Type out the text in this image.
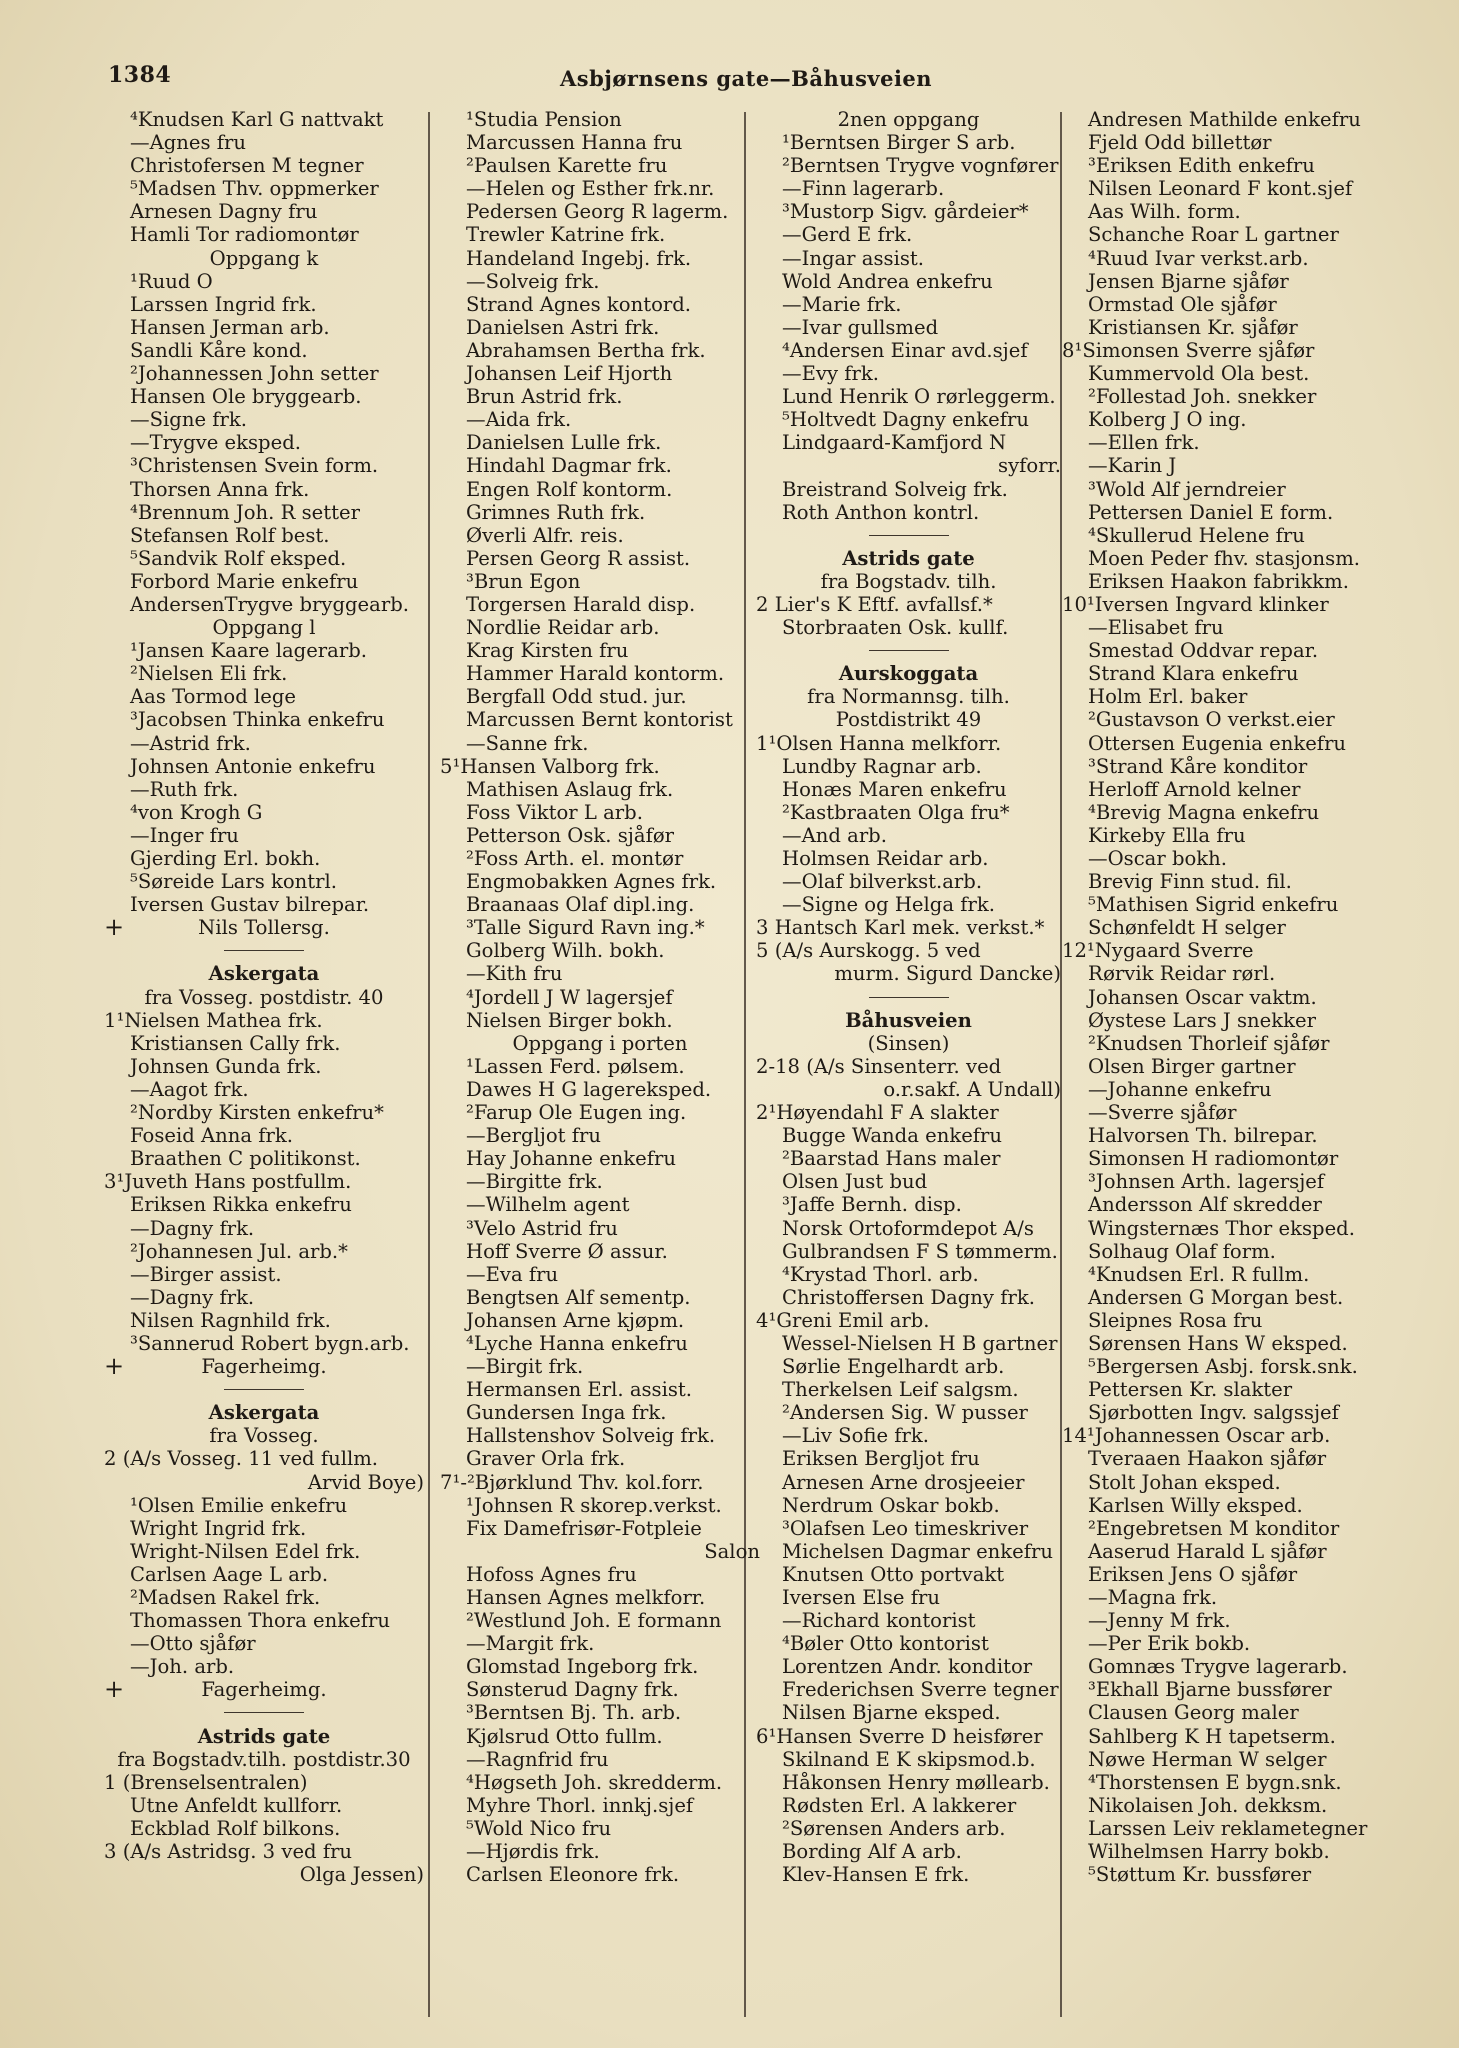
1384	Asbjørnsens gate—Båhusveien
⁴Knudsen Karl G nattvakt
—Agnes fru
Christofersen M tegner
⁵Madsen Thv. oppmerker
Arnesen Dagny fru
Hamli Tor radiomontør
Oppgang k
¹Ruud O
Larssen Ingrid frk.
Hansen Jerman arb.
Sandli Kåre kond.
²Johannessen John setter
Hansen Ole bryggearb.
—Signe frk.
—Trygve eksped.
³Christensen Svein form.
Thorsen Anna frk.
⁴Brennum Joh. R setter
Stefansen Rolf best.
⁵Sandvik Rolf eksped.
Forbord Marie enkefru
AndersenTrygve bryggearb.
Oppgang l
¹Jansen Kaare lagerarb.
²Nielsen Eli frk.
Aas Tormod lege
³Jacobsen Thinka enkefru
—Astrid frk.
Johnsen Antonie enkefru
—Ruth frk.
⁴von Krogh G
—Inger fru
Gjerding Erl. bokh.
⁵Søreide Lars kontrl.
Iversen Gustav bilrepar.
+	Nils Tollersg.
Askergata
fra Vosseg. postdistr. 40
1¹Nielsen Mathea frk.
Kristiansen Cally frk.
Johnsen Gunda frk.
—Aagot frk.
²Nordby Kirsten enkefru*
Foseid Anna frk.
Braathen C politikonst.
3¹Juveth Hans postfullm.
Eriksen Rikka enkefru
—Dagny frk.
²Johannesen Jul. arb.*
—Birger assist.
—Dagny frk.
Nilsen Ragnhild frk.
³Sannerud Robert bygn.arb.
+	Fagerheimg.
Askergata
fra Vosseg.
2 (A/s Vosseg. 11 ved fullm.
Arvid Boye)
¹Olsen Emilie enkefru
Wright Ingrid frk.
Wright-Nilsen Edel frk.
Carlsen Aage L arb.
²Madsen Rakel frk.
Thomassen Thora enkefru
—Otto sjåfør
—Joh. arb.
+	Fagerheimg.
Astrids gate
fra Bogstadv.tilh. postdistr.30
1 (Brenselsentralen)
Utne Anfeldt kullforr.
Eckblad Rolf bilkons.
3 (A/s Astridsg. 3 ved fru
Olga Jessen)
¹Studia Pension
Marcussen Hanna fru
²Paulsen Karette fru
—Helen og Esther frk.nr.
Pedersen Georg R lagerm.
Trewler Katrine frk.
Handeland Ingebj. frk.
—Solveig frk.
Strand Agnes kontord.
Danielsen Astri frk.
Abrahamsen Bertha frk.
Johansen Leif Hjorth
Brun Astrid frk.
—Aida frk.
Danielsen Lulle frk.
Hindahl Dagmar frk.
Engen Rolf kontorm.
Grimnes Ruth frk.
Øverli Alfr. reis.
Persen Georg R assist.
³Brun Egon
Torgersen Harald disp.
Nordlie Reidar arb.
Krag Kirsten fru
Hammer Harald kontorm.
Bergfall Odd stud. jur.
Marcussen Bernt kontorist
—Sanne frk.
5¹Hansen Valborg frk.
Mathisen Aslaug frk.
Foss Viktor L arb.
Petterson Osk. sjåfør
²Foss Arth. el. montør
Engmobakken Agnes frk.
Braanaas Olaf dipl.ing.
³Talle Sigurd Ravn ing.*
Golberg Wilh. bokh.
—Kith fru
⁴Jordell J W lagersjef
Nielsen Birger bokh.
Oppgang i porten
¹Lassen Ferd. pølsem.
Dawes H G lagereksped.
²Farup Ole Eugen ing.
—Bergljot fru
Hay Johanne enkefru
—Birgitte frk.
—Wilhelm agent
³Velo Astrid fru
Hoff Sverre Ø assur.
—Eva fru
Bengtsen Alf sementp.
Johansen Arne kjøpm.
⁴Lyche Hanna enkefru
—Birgit frk.
Hermansen Erl. assist.
Gundersen Inga frk.
Hallstenshov Solveig frk.
Graver Orla frk.
7¹-²Bjørklund Thv. kol.forr.
¹Johnsen R skorep.verkst.
Fix Damefrisør-Fotpleie
Salon
Hofoss Agnes fru
Hansen Agnes melkforr.
²Westlund Joh. E formann
—Margit frk.
Glomstad Ingeborg frk.
Sønsterud Dagny frk.
³Berntsen Bj. Th. arb.
Kjølsrud Otto fullm.
—Ragnfrid fru
⁴Høgseth Joh. skredderm.
Myhre Thorl. innkj.sjef
⁵Wold Nico fru
—Hjørdis frk.
Carlsen Eleonore frk.
2nen oppgang
¹Berntsen Birger S arb.
²Berntsen Trygve vognfører
—Finn lagerarb.
³Mustorp Sigv. gårdeier*
—Gerd E frk.
—Ingar assist.
Wold Andrea enkefru
—Marie frk.
—Ivar gullsmed
⁴Andersen Einar avd.sjef
—Evy frk.
Lund Henrik O rørleggerm.
⁵Holtvedt Dagny enkefru
Lindgaard-Kamfjord N
syforr.
Breistrand Solveig frk.
Roth Anthon kontrl.
Astrids gate
fra Bogstadv. tilh.
2 Lier's K Eftf. avfallsf.*
Storbraaten Osk. kullf.
Aurskoggata
fra Normannsg. tilh.
Postdistrikt 49
1¹Olsen Hanna melkforr.
Lundby Ragnar arb.
Honæs Maren enkefru
²Kastbraaten Olga fru*
—And arb.
Holmsen Reidar arb.
—Olaf bilverkst.arb.
—Signe og Helga frk.
3 Hantsch Karl mek. verkst.*
5 (A/s Aurskogg. 5 ved
murm. Sigurd Dancke)
Båhusveien
(Sinsen)
2-18 (A/s Sinsenterr. ved
o.r.sakf. A Undall)
2¹Høyendahl F A slakter
Bugge Wanda enkefru
²Baarstad Hans maler
Olsen Just bud
³Jaffe Bernh. disp.
Norsk Ortoformdepot A/s
Gulbrandsen F S tømmerm.
⁴Krystad Thorl. arb.
Christoffersen Dagny frk.
4¹Greni Emil arb.
Wessel-Nielsen H B gartner
Sørlie Engelhardt arb.
Therkelsen Leif salgsm.
²Andersen Sig. W pusser
—Liv Sofie frk.
Eriksen Bergljot fru
Arnesen Arne drosjeeier
Nerdrum Oskar bokb.
³Olafsen Leo timeskriver
Michelsen Dagmar enkefru
Knutsen Otto portvakt
Iversen Else fru
—Richard kontorist
⁴Bøler Otto kontorist
Lorentzen Andr. konditor
Frederichsen Sverre tegner
Nilsen Bjarne eksped.
6¹Hansen Sverre D heisfører
Skilnand E K skipsmod.b.
Håkonsen Henry møllearb.
Rødsten Erl. A lakkerer
²Sørensen Anders arb.
Bording Alf A arb.
Klev-Hansen E frk.
Andresen Mathilde enkefru
Fjeld Odd billettør
³Eriksen Edith enkefru
Nilsen Leonard F kont.sjef
Aas Wilh. form.
Schanche Roar L gartner
⁴Ruud Ivar verkst.arb.
Jensen Bjarne sjåfør
Ormstad Ole sjåfør
Kristiansen Kr. sjåfør
8¹Simonsen Sverre sjåfør
Kummervold Ola best.
²Follestad Joh. snekker
Kolberg J O ing.
—Ellen frk.
—Karin J
³Wold Alf jerndreier
Pettersen Daniel E form.
⁴Skullerud Helene fru
Moen Peder fhv. stasjonsm.
Eriksen Haakon fabrikkm.
10¹Iversen Ingvard klinker
—Elisabet fru
Smestad Oddvar repar.
Strand Klara enkefru
Holm Erl. baker
²Gustavson O verkst.eier
Ottersen Eugenia enkefru
³Strand Kåre konditor
Herloff Arnold kelner
⁴Brevig Magna enkefru
Kirkeby Ella fru
—Oscar bokh.
Brevig Finn stud. fil.
⁵Mathisen Sigrid enkefru
Schønfeldt H selger
12¹Nygaard Sverre
Rørvik Reidar rørl.
Johansen Oscar vaktm.
Øystese Lars J snekker
²Knudsen Thorleif sjåfør
Olsen Birger gartner
—Johanne enkefru
—Sverre sjåfør
Halvorsen Th. bilrepar.
Simonsen H radiomontør
³Johnsen Arth. lagersjef
Andersson Alf skredder
Wingsternæs Thor eksped.
Solhaug Olaf form.
⁴Knudsen Erl. R fullm.
Andersen G Morgan best.
Sleipnes Rosa fru
Sørensen Hans W eksped.
⁵Bergersen Asbj. forsk.snk.
Pettersen Kr. slakter
Sjørbotten Ingv. salgssjef
14¹Johannessen Oscar arb.
Tveraaen Haakon sjåfør
Stolt Johan eksped.
Karlsen Willy eksped.
²Engebretsen M konditor
Aaserud Harald L sjåfør
Eriksen Jens O sjåfør
—Magna frk.
—Jenny M frk.
—Per Erik bokb.
Gomnæs Trygve lagerarb.
³Ekhall Bjarne bussfører
Clausen Georg maler
Sahlberg K H tapetserm.
Nøwe Herman W selger
⁴Thorstensen E bygn.snk.
Nikolaisen Joh. dekksm.
Larssen Leiv reklametegner
Wilhelmsen Harry bokb.
⁵Støttum Kr. bussfører
